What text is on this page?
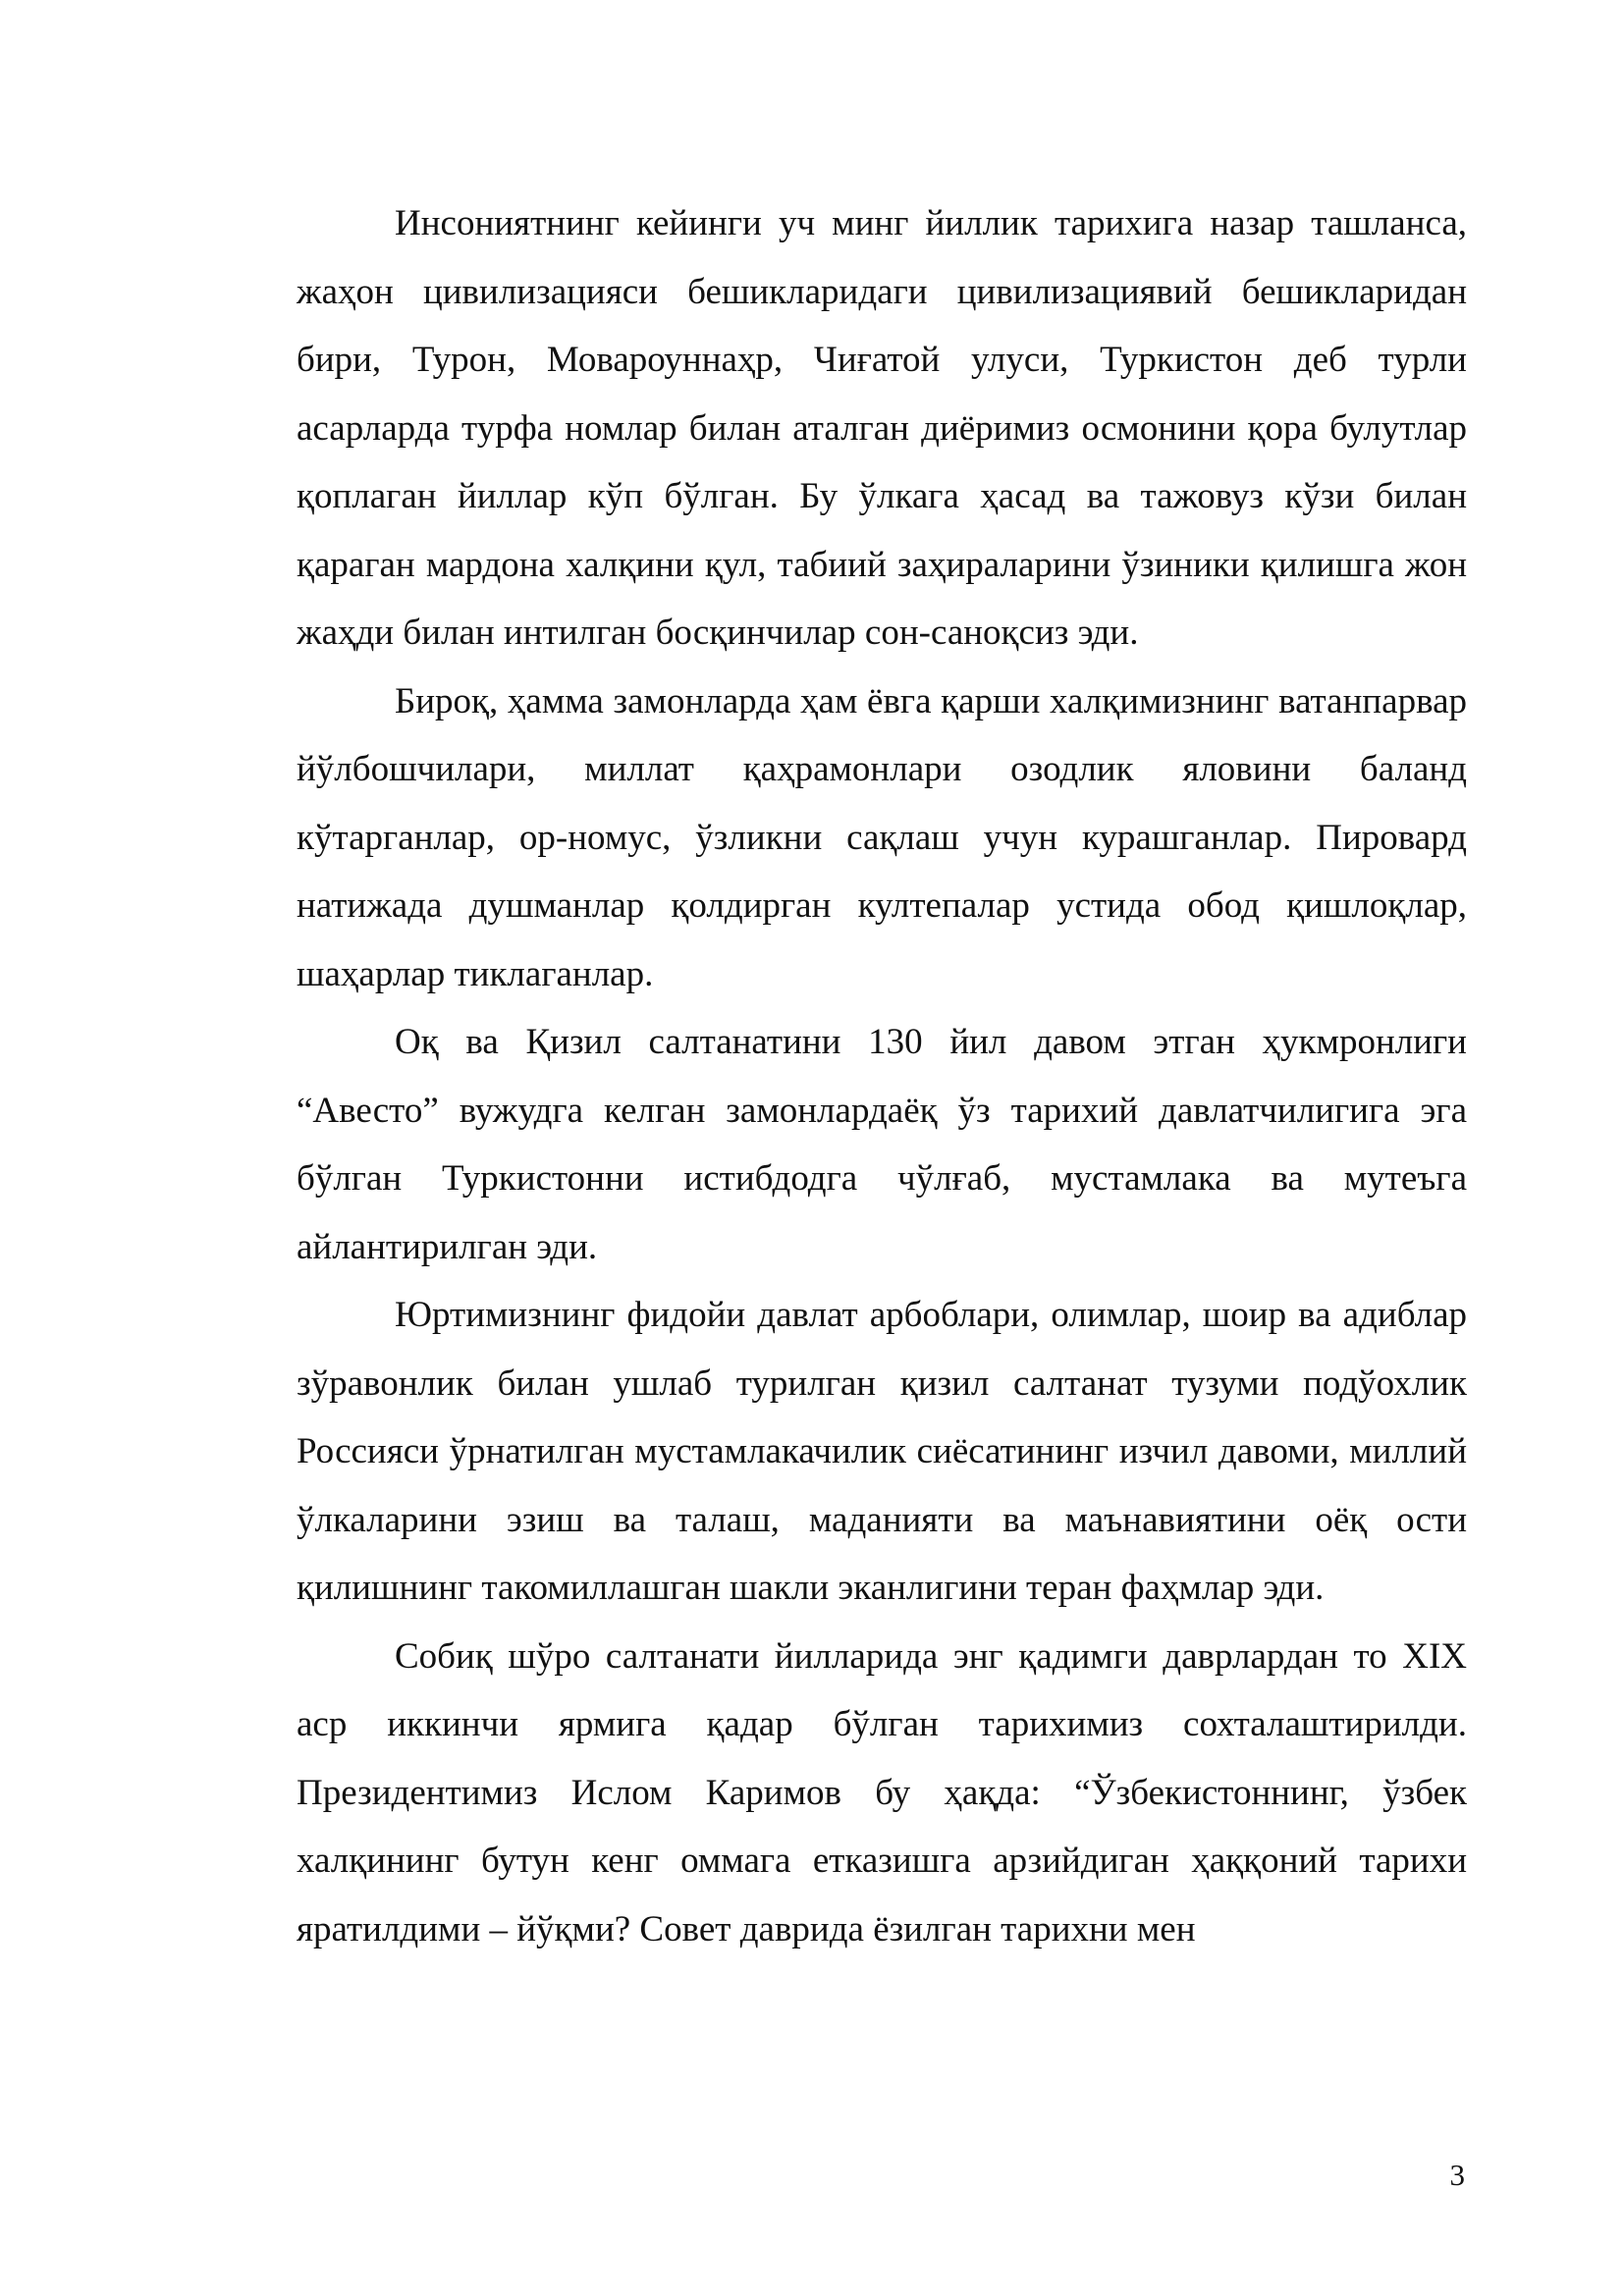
Инсониятнинг кейинги уч минг йиллик тарихига назар ташланса, жаҳон цивилизацияси бешикларидаги цивилизациявий бешикларидан бири, Турон, Мовароуннаҳр, Чиғатой улуси, Туркистон деб турли асарларда турфа номлар билан аталган диёримиз осмонини қора булутлар қоплаган йиллар кўп бўлган. Бу ўлкага ҳасад ва тажовуз кўзи билан қараган мардона халқини қул, табиий заҳираларини ўзиники қилишга жон жаҳди билан интилган босқинчилар сон-саноқсиз эди.

Бироқ, ҳамма замонларда ҳам ёвга қарши халқимизнинг ватанпарвар йўлбошчилари, миллат қаҳрамонлари озодлик яловини баланд кўтарганлар, ор-номус, ўзликни сақлаш учун курашганлар. Пировард натижада душманлар қолдирган култепалар устида обод қишлоқлар, шаҳарлар тиклаганлар.

Оқ ва Қизил салтанатини 130 йил давом этган ҳукмронлиги “Авесто” вужудга келган замонлардаёқ ўз тарихий давлатчилигига эга бўлган Туркистонни истибдодга чўлғаб, мустамлака ва мутеъга айлантирилган эди.

Юртимизнинг фидойи давлат арбоблари, олимлар, шоир ва адиблар зўравонлик билан ушлаб турилган қизил салтанат тузуми подўохлик Россияси ўрнатилган мустамлакачилик сиёсатининг изчил давоми, миллий ўлкаларини эзиш ва талаш, маданияти ва маънавиятини оёқ ости қилишнинг такомиллашган шакли эканлигини теран фаҳмлар эди.

Собиқ шўро салтанати йилларида энг қадимги даврлардан то XIX аср иккинчи ярмига қадар бўлган тарихимиз сохталаштирилди. Президентимиз Ислом Каримов бу ҳақда: “Ўзбекистоннинг, ўзбек халқининг бутун кенг оммага етказишга арзийдиган ҳаққоний тарихи яратилдими – йўқми? Совет даврида ёзилган тарихни мен

3
